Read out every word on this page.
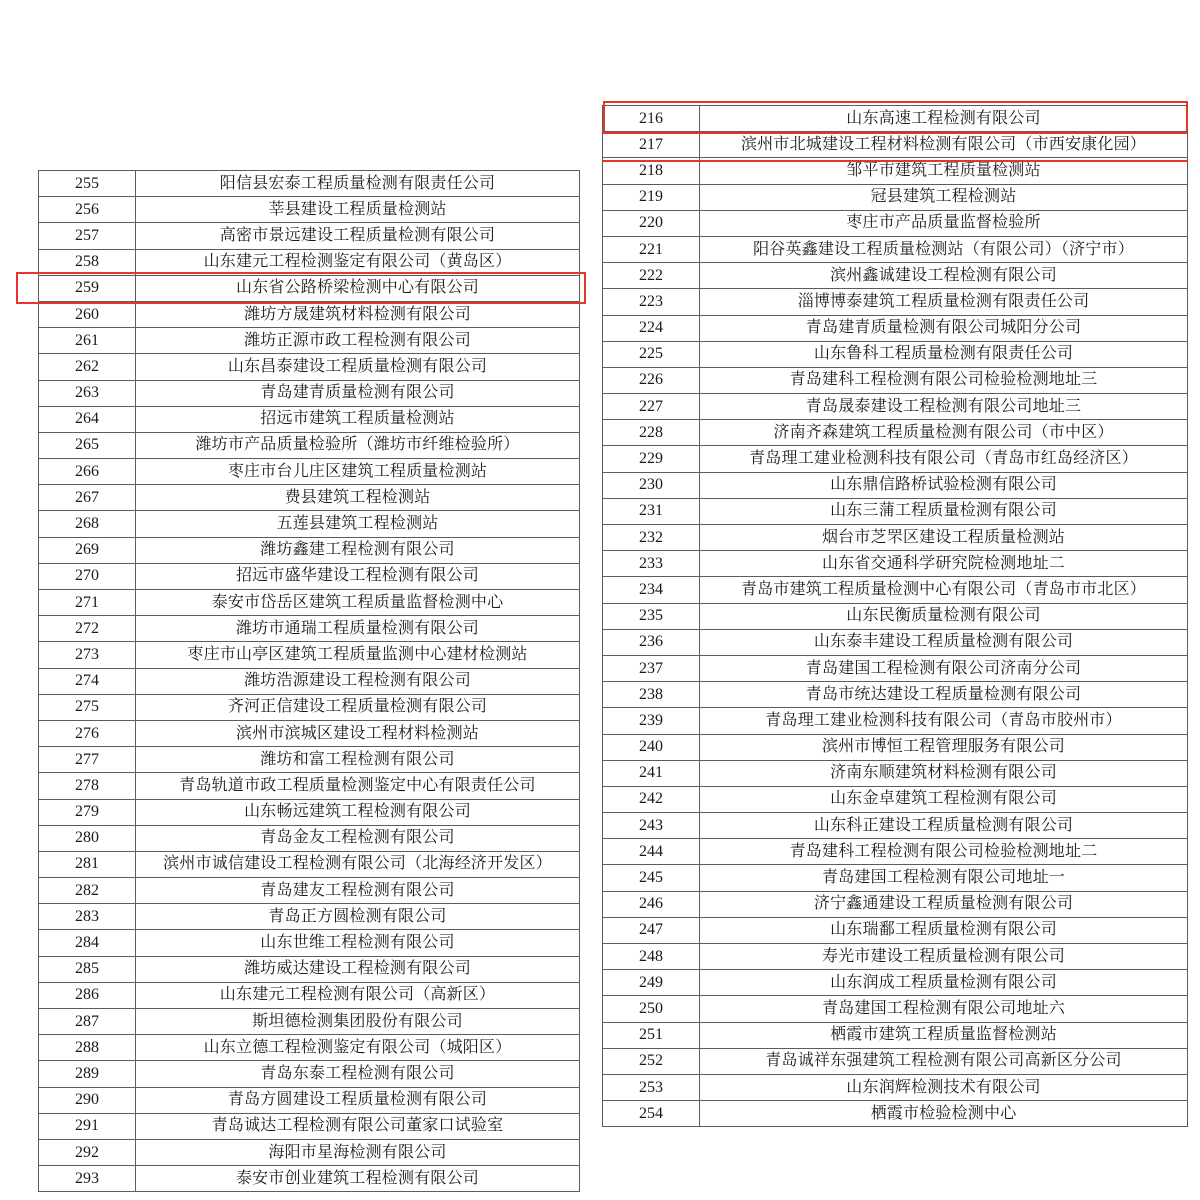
255	阳信县宏泰工程质量检测有限责任公司
256	莘县建设工程质量检测站
257	高密市景远建设工程质量检测有限公司
258	山东建元工程检测鉴定有限公司（黄岛区）
259	山东省公路桥梁检测中心有限公司
260	潍坊方晟建筑材料检测有限公司
261	潍坊正源市政工程检测有限公司
262	山东昌泰建设工程质量检测有限公司
263	青岛建青质量检测有限公司
264	招远市建筑工程质量检测站
265	潍坊市产品质量检验所（潍坊市纤维检验所）
266	枣庄市台儿庄区建筑工程质量检测站
267	费县建筑工程检测站
268	五莲县建筑工程检测站
269	潍坊鑫建工程检测有限公司
270	招远市盛华建设工程检测有限公司
271	泰安市岱岳区建筑工程质量监督检测中心
272	潍坊市通瑞工程质量检测有限公司
273	枣庄市山亭区建筑工程质量监测中心建材检测站
274	潍坊浩源建设工程检测有限公司
275	齐河正信建设工程质量检测有限公司
276	滨州市滨城区建设工程材料检测站
277	潍坊和富工程检测有限公司
278	青岛轨道市政工程质量检测鉴定中心有限责任公司
279	山东畅远建筑工程检测有限公司
280	青岛金友工程检测有限公司
281	滨州市诚信建设工程检测有限公司（北海经济开发区）
282	青岛建友工程检测有限公司
283	青岛正方圆检测有限公司
284	山东世维工程检测有限公司
285	潍坊威达建设工程检测有限公司
286	山东建元工程检测有限公司（高新区）
287	斯坦德检测集团股份有限公司
288	山东立德工程检测鉴定有限公司（城阳区）
289	青岛东泰工程检测有限公司
290	青岛方圆建设工程质量检测有限公司
291	青岛诚达工程检测有限公司董家口试验室
292	海阳市星海检测有限公司
293	泰安市创业建筑工程检测有限公司
216	山东高速工程检测有限公司
217	滨州市北城建设工程材料检测有限公司（市西安康化园）
218	邹平市建筑工程质量检测站
219	冠县建筑工程检测站
220	枣庄市产品质量监督检验所
221	阳谷英鑫建设工程质量检测站（有限公司）（济宁市）
222	滨州鑫诚建设工程检测有限公司
223	淄博博泰建筑工程质量检测有限责任公司
224	青岛建青质量检测有限公司城阳分公司
225	山东鲁科工程质量检测有限责任公司
226	青岛建科工程检测有限公司检验检测地址三
227	青岛晟泰建设工程检测有限公司地址三
228	济南齐森建筑工程质量检测有限公司（市中区）
229	青岛理工建业检测科技有限公司（青岛市红岛经济区）
230	山东鼎信路桥试验检测有限公司
231	山东三蒲工程质量检测有限公司
232	烟台市芝罘区建设工程质量检测站
233	山东省交通科学研究院检测地址二
234	青岛市建筑工程质量检测中心有限公司（青岛市市北区）
235	山东民衡质量检测有限公司
236	山东泰丰建设工程质量检测有限公司
237	青岛建国工程检测有限公司济南分公司
238	青岛市统达建设工程质量检测有限公司
239	青岛理工建业检测科技有限公司（青岛市胶州市）
240	滨州市博恒工程管理服务有限公司
241	济南东顺建筑材料检测有限公司
242	山东金卓建筑工程检测有限公司
243	山东科正建设工程质量检测有限公司
244	青岛建科工程检测有限公司检验检测地址二
245	青岛建国工程检测有限公司地址一
246	济宁鑫通建设工程质量检测有限公司
247	山东瑞鄱工程质量检测有限公司
248	寿光市建设工程质量检测有限公司
249	山东润成工程质量检测有限公司
250	青岛建国工程检测有限公司地址六
251	栖霞市建筑工程质量监督检测站
252	青岛诚祥东强建筑工程检测有限公司高新区分公司
253	山东润辉检测技术有限公司
254	栖霞市检验检测中心
